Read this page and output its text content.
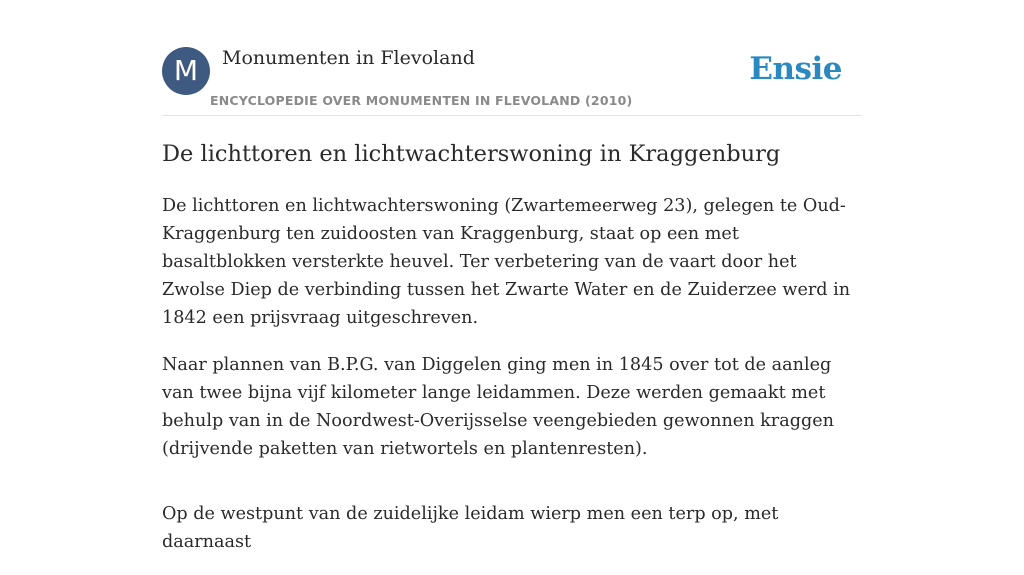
M	Monumenten in Flevoland
ENCYCLOPEDIE OVER MONUMENTEN IN FLEVOLAND (2010)
Ensie
De lichttoren en lichtwachterswoning in Kraggenburg

De lichttoren en lichtwachterswoning (Zwartemeerweg 23), gelegen te Oud-Kraggenburg ten zuidoosten van Kraggenburg, staat op een met basaltblokken versterkte heuvel. Ter verbetering van de vaart door het Zwolse Diep de verbinding tussen het Zwarte Water en de Zuiderzee werd in 1842 een prijsvraag uitgeschreven.

Naar plannen van B.P.G. van Diggelen ging men in 1845 over tot de aanleg van twee bijna vijf kilometer lange leidammen. Deze werden gemaakt met behulp van in de Noordwest-Overijsselse veengebieden gewonnen kraggen (drijvende paketten van rietwortels en plantenresten).

Op de westpunt van de zuidelijke leidam wierp men een terp op, met daarnaast
